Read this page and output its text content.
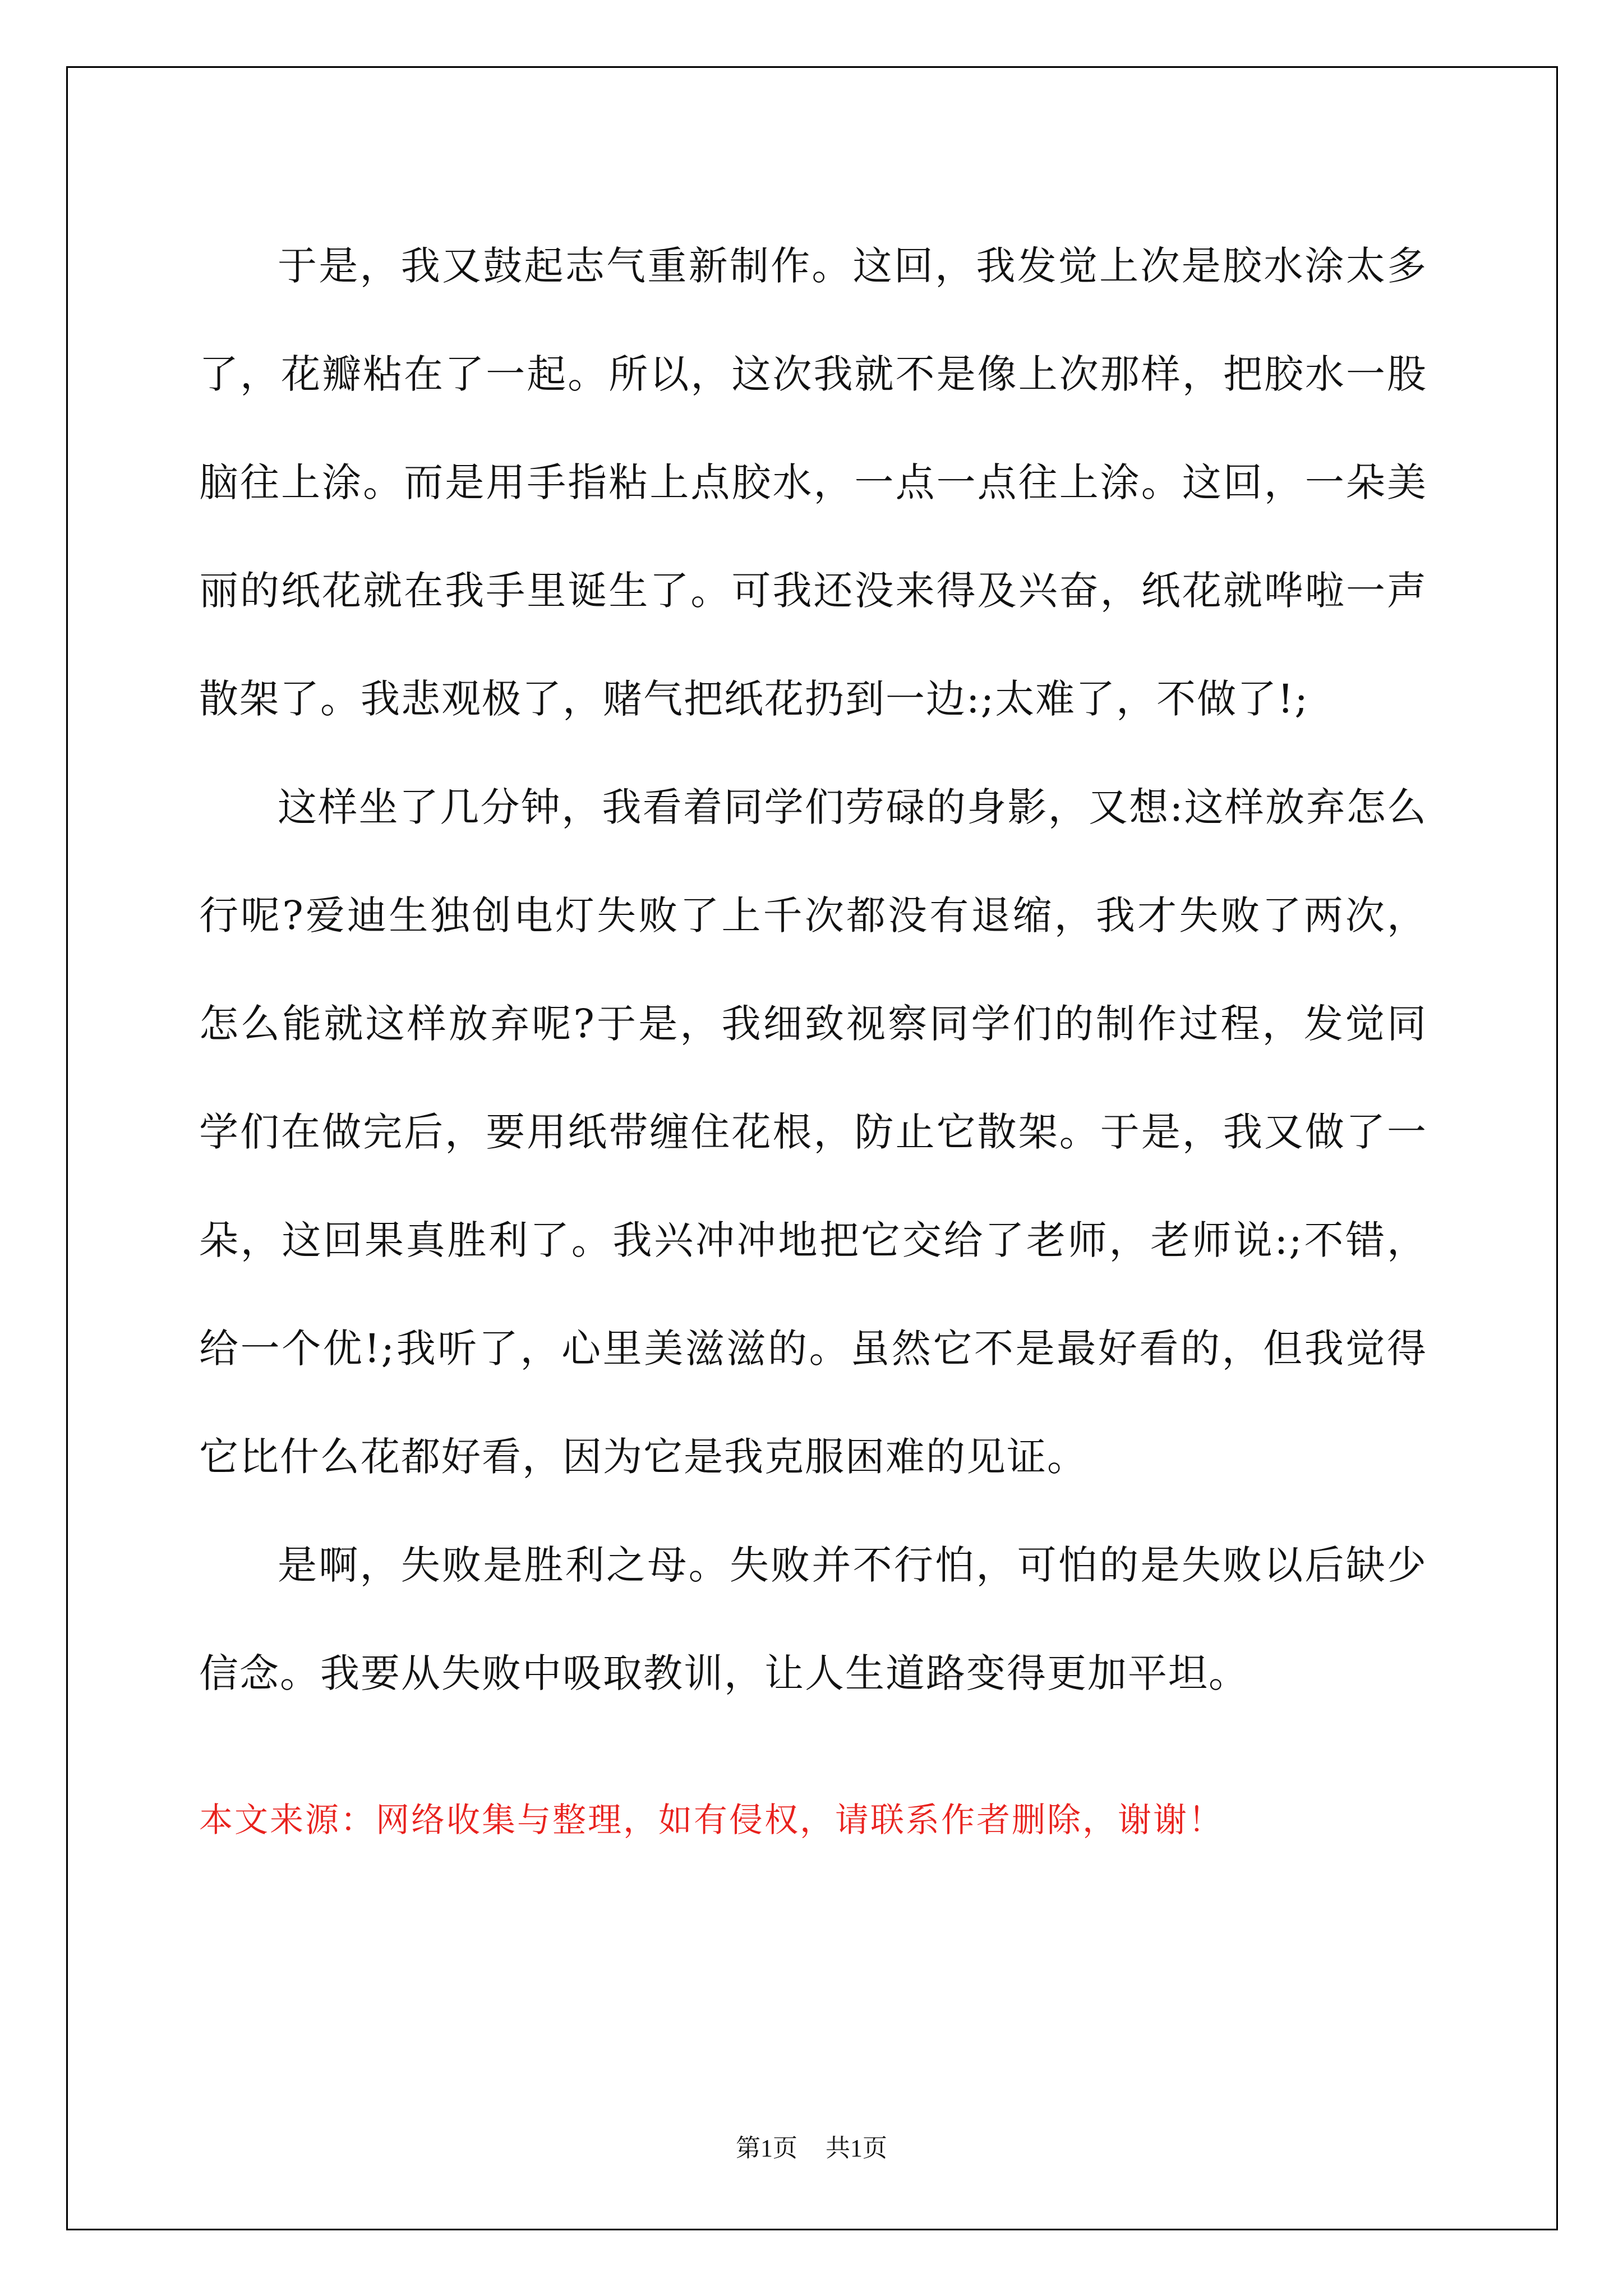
于是，我又鼓起志气重新制作。这回，我发觉上次是胶水涂太多了，花瓣粘在了一起。所以，这次我就不是像上次那样，把胶水一股脑往上涂。而是用手指粘上点胶水，一点一点往上涂。这回，一朵美丽的纸花就在我手里诞生了。可我还没来得及兴奋，纸花就哗啦一声散架了。我悲观极了，赌气把纸花扔到一边:;太难了，不做了!;

这样坐了几分钟，我看着同学们劳碌的身影，又想:这样放弃怎么行呢?爱迪生独创电灯失败了上千次都没有退缩，我才失败了两次，怎么能就这样放弃呢?于是，我细致视察同学们的制作过程，发觉同学们在做完后，要用纸带缠住花根，防止它散架。于是，我又做了一朵，这回果真胜利了。我兴冲冲地把它交给了老师，老师说:;不错，给一个优!;我听了，心里美滋滋的。虽然它不是最好看的，但我觉得它比什么花都好看，因为它是我克服困难的见证。

是啊，失败是胜利之母。失败并不行怕，可怕的是失败以后缺少信念。我要从失败中吸取教训，让人生道路变得更加平坦。

本文来源：网络收集与整理，如有侵权，请联系作者删除，谢谢！

第1页 共1页
